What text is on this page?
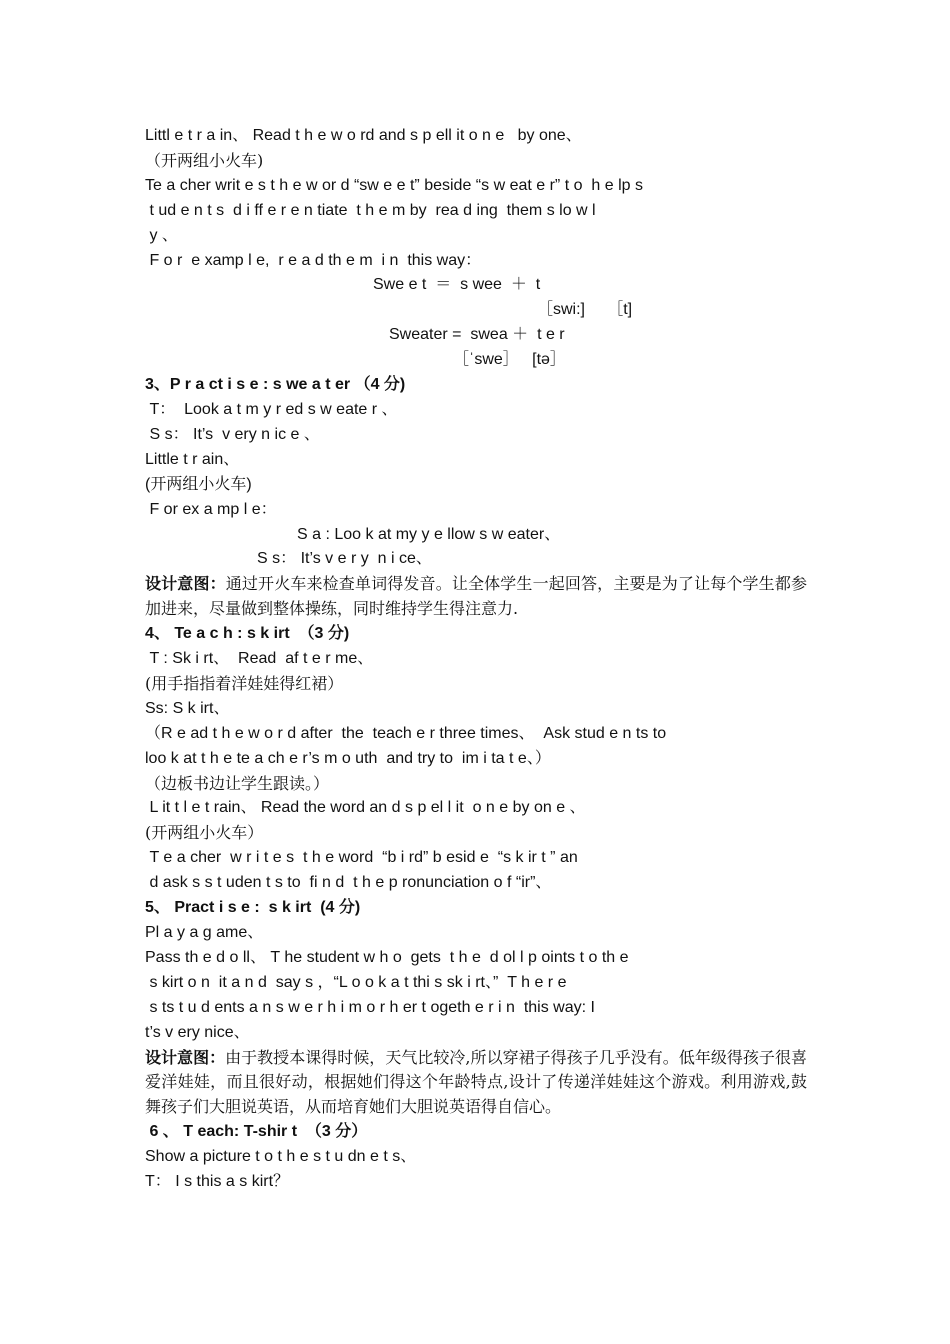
Littl e t r a in、 Read t h e w o rd and s p ell it o n e   by one、

（开两组小火车)

Te a cher writ e s t h e w or d “sw e e t” beside “s w eat e r” t o  h e lp s

t ud e n t s  d i ff e r e n tiate  t h e m by  rea d ing  them s lo w l

y 、

F o r  e xamp l e,  r e a d th e m  i n  this way：

Swe e t  ＝  s wee  ＋  t

［swi:]     ［t]

Sweater =  swea ＋  t e r

［ˈswe］   [tə］

3、P r a ct i s e : s we a t er （4 分)

T：  Look a t m y r ed s w eate r 、

S s： It’s  v ery n ic e 、

Little t r ain、

(开两组小火车)

F or ex a mp l e：

S a : Loo k at my y e llow s w eater、

S s： It’s v e r y  n i ce、

设计意图：通过开火车来检查单词得发音。让全体学生一起回答，主要是为了让每个学生都参加进来，尽量做到整体操练，同时维持学生得注意力.

4、 Te a c h : s k irt  （3 分)

T : Sk i rt、  Read  af t e r me、

(用手指指着洋娃娃得红裙）

Ss: S k irt、

（R e ad t h e w o r d after  the  teach e r three times、  Ask stud e n ts to

loo k at t h e te a ch e r’s m o uth  and try to  im i ta t e、）

（边板书边让学生跟读。）

L it t l e t rain、 Read the word an d s p el l it  o n e by on e 、

(开两组小火车）

T e a cher  w r i t e s  t h e word  “b i rd” b esid e  “s k ir t ” an

d ask s s t uden t s to  fi n d  t h e p ronunciation o f “ir”、

5、 Pract i s e :  s k irt  (4 分)

Pl a y a g ame、

Pass th e d o ll、 T he student w h o  gets  t h e  d ol l p oints t o th e

s kirt o n  it a n d  say s ，“L o o k a t thi s sk i rt、”  T h e r e

s ts t u d ents a n s w e r h i m o r h er t ogeth e r i n  this way: I

t’s v ery nice、

设计意图：由于教授本课得时候，天气比较冷,所以穿裙子得孩子几乎没有。低年级得孩子很喜爱洋娃娃，而且很好动，根据她们得这个年龄特点,设计了传递洋娃娃这个游戏。利用游戏,鼓舞孩子们大胆说英语，从而培育她们大胆说英语得自信心。

6 、 T each: T-shir t  （3 分）

Show a picture t o t h e s t u dn e t s、

T： I s this a s kirt？
